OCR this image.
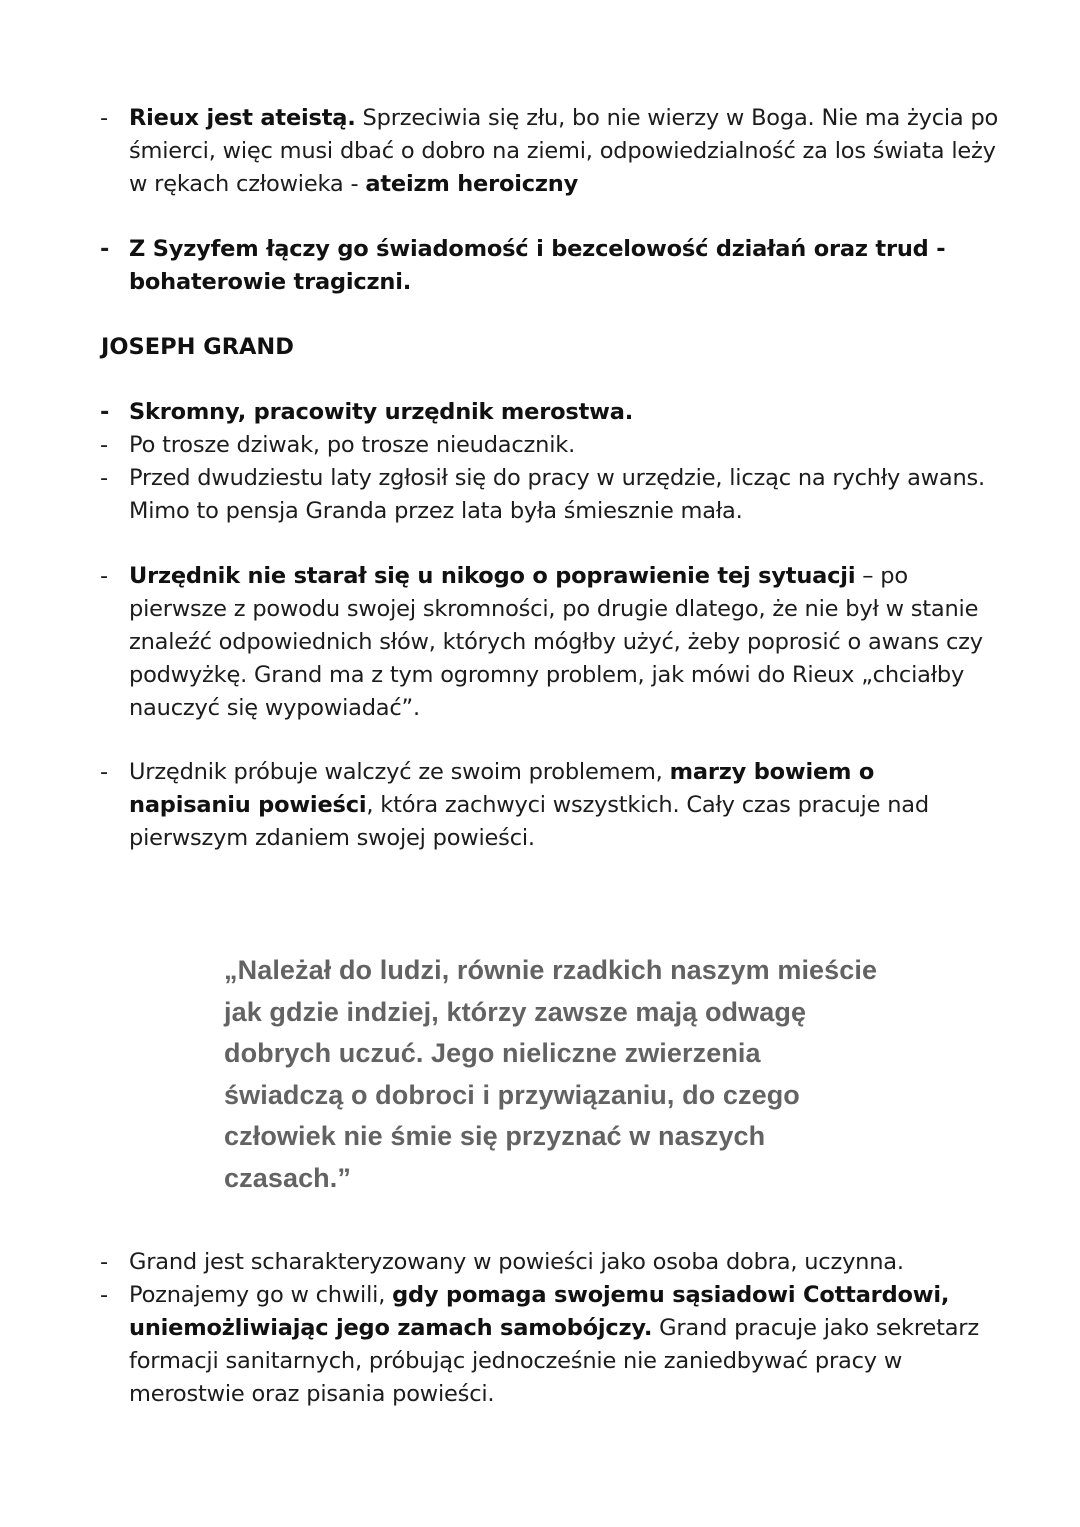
- Rieux jest ateistą. Sprzeciwia się złu, bo nie wierzy w Boga. Nie ma życia po śmierci, więc musi dbać o dobro na ziemi, odpowiedzialność za los świata leży w rękach człowieka - ateizm heroiczny
- Z Syzyfem łączy go świadomość i bezcelowość działań oraz trud - bohaterowie tragiczni.
JOSEPH GRAND
- Skromny, pracowity urzędnik merostwa.
- Po trosze dziwak, po trosze nieudacznik.
- Przed dwudziestu laty zgłosił się do pracy w urzędzie, licząc na rychły awans. Mimo to pensja Granda przez lata była śmiesznie mała.
- Urzędnik nie starał się u nikogo o poprawienie tej sytuacji – po pierwsze z powodu swojej skromności, po drugie dlatego, że nie był w stanie znaleźć odpowiednich słów, których mógłby użyć, żeby poprosić o awans czy podwyżkę. Grand ma z tym ogromny problem, jak mówi do Rieux „chciałby nauczyć się wypowiadać”.
- Urzędnik próbuje walczyć ze swoim problemem, marzy bowiem o napisaniu powieści, która zachwyci wszystkich. Cały czas pracuje nad pierwszym zdaniem swojej powieści.
„Należał do ludzi, równie rzadkich naszym mieście jak gdzie indziej, którzy zawsze mają odwagę dobrych uczuć. Jego nieliczne zwierzenia świadczą o dobroci i przywiązaniu, do czego człowiek nie śmie się przyznać w naszych czasach.”
- Grand jest scharakteryzowany w powieści jako osoba dobra, uczynna.
- Poznajemy go w chwili, gdy pomaga swojemu sąsiadowi Cottardowi, uniemożliwiając jego zamach samobójczy. Grand pracuje jako sekretarz formacji sanitarnych, próbując jednocześnie nie zaniedbywać pracy w merostwie oraz pisania powieści.
